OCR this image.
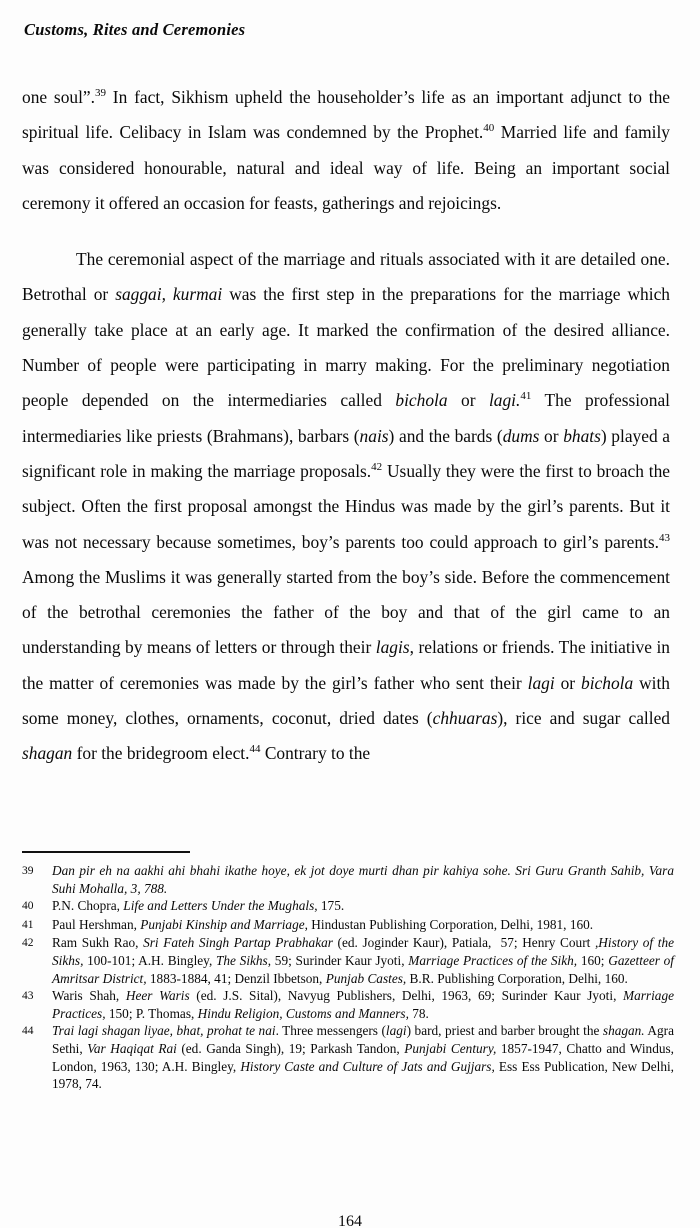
Customs, Rites and Ceremonies

one soul”.$^{39}$ In fact, Sikhism upheld the householder’s life as an important adjunct to the spiritual life. Celibacy in Islam was condemned by the Prophet.$^{40}$ Married life and family was considered honourable, natural and ideal way of life. Being an important social ceremony it offered an occasion for feasts, gatherings and rejoicings.

The ceremonial aspect of the marriage and rituals associated with it are detailed one. Betrothal or saggai, kurmai was the first step in the preparations for the marriage which generally take place at an early age. It marked the confirmation of the desired alliance. Number of people were participating in marry making. For the preliminary negotiation people depended on the intermediaries called bichola or lagi.$^{41}$ The professional intermediaries like priests (Brahmans), barbars (nais) and the bards (dums or bhats) played a significant role in making the marriage proposals.$^{42}$ Usually they were the first to broach the subject. Often the first proposal amongst the Hindus was made by the girl’s parents. But it was not necessary because sometimes, boy’s parents too could approach to girl’s parents.$^{43}$ Among the Muslims it was generally started from the boy’s side. Before the commencement of the betrothal ceremonies the father of the boy and that of the girl came to an understanding by means of letters or through their lagis, relations or friends. The initiative in the matter of ceremonies was made by the girl’s father who sent their lagi or bichola with some money, clothes, ornaments, coconut, dried dates (chhuaras), rice and sugar called shagan for the bridegroom elect.$^{44}$ Contrary to the

39	Dan pir eh na aakhi ahi bhahi ikathe hoye, ek jot doye murti dhan pir kahiya sohe. Sri Guru Granth Sahib, Vara Suhi Mohalla, 3, 788.
40	P.N. Chopra, Life and Letters Under the Mughals, 175.
41	Paul Hershman, Punjabi Kinship and Marriage, Hindustan Publishing Corporation, Delhi, 1981, 160.
42	Ram Sukh Rao, Sri Fateh Singh Partap Prabhakar (ed. Joginder Kaur), Patiala,  57; Henry Court ,History of the Sikhs, 100-101; A.H. Bingley, The Sikhs, 59; Surinder Kaur Jyoti, Marriage Practices of the Sikh, 160; Gazetteer of Amritsar District, 1883-1884, 41; Denzil Ibbetson, Punjab Castes, B.R. Publishing Corporation, Delhi, 160.
43	Waris Shah, Heer Waris (ed. J.S. Sital), Navyug Publishers, Delhi, 1963, 69; Surinder Kaur Jyoti, Marriage Practices, 150; P. Thomas, Hindu Religion, Customs and Manners, 78.
44	Trai lagi shagan liyae, bhat, prohat te nai. Three messengers (lagi) bard, priest and barber brought the shagan. Agra Sethi, Var Haqiqat Rai (ed. Ganda Singh), 19; Parkash Tandon, Punjabi Century, 1857-1947, Chatto and Windus, London, 1963, 130; A.H. Bingley, History Caste and Culture of Jats and Gujjars, Ess Ess Publication, New Delhi, 1978, 74.
164
